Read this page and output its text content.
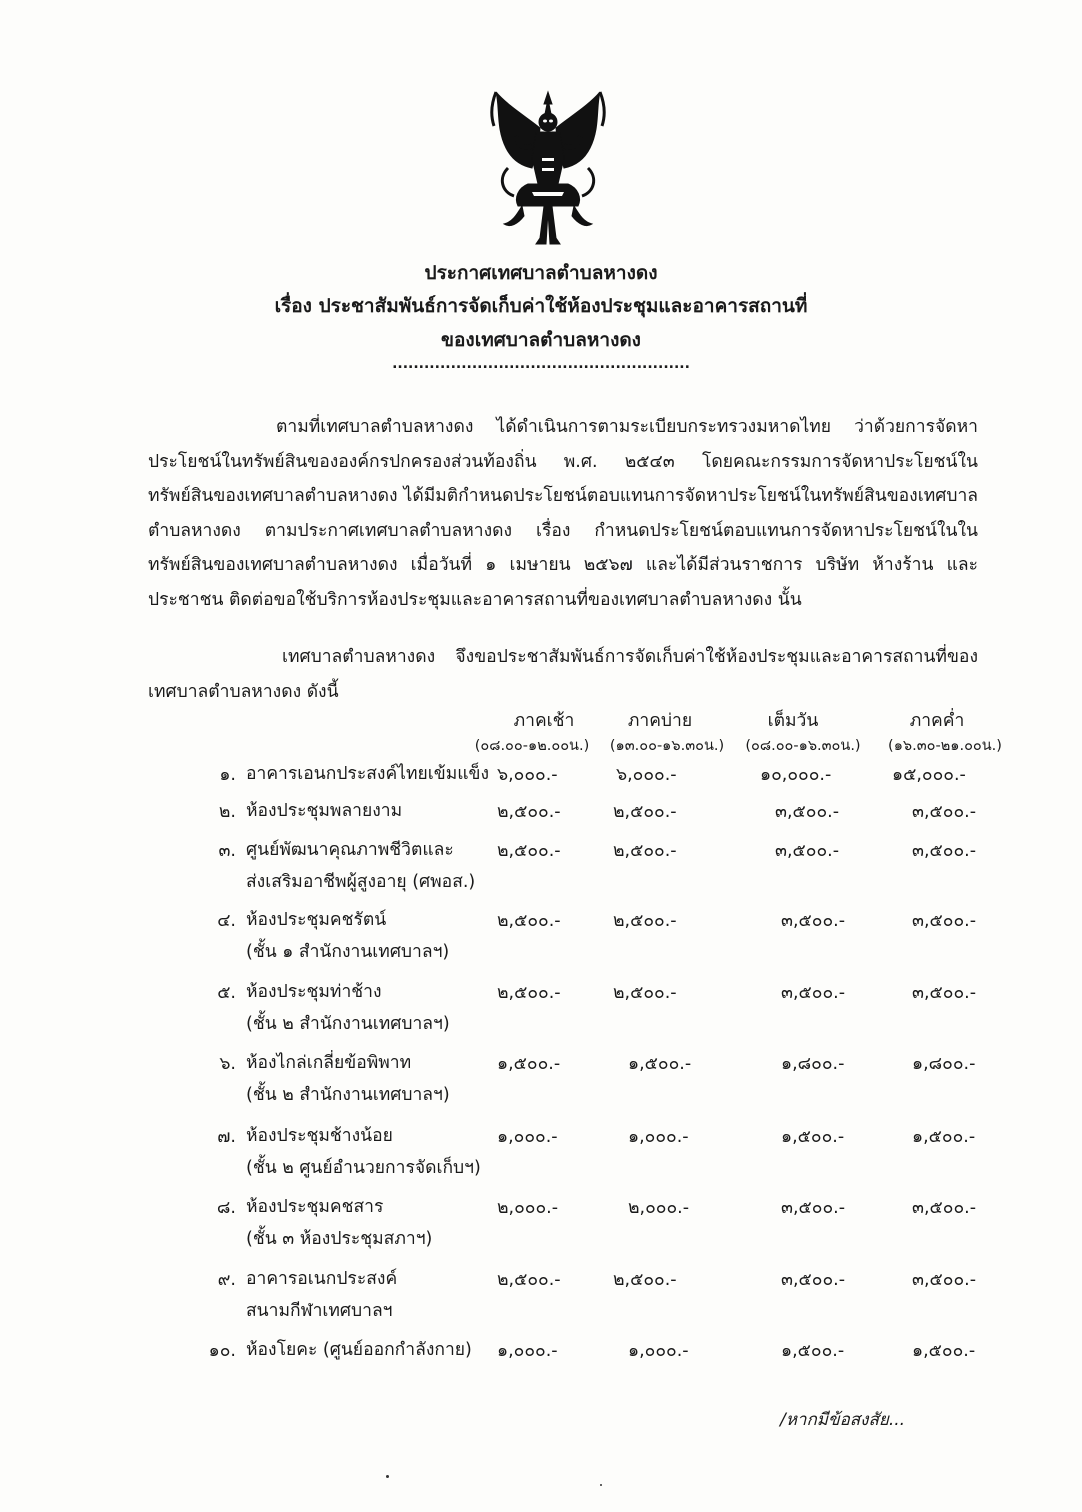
ประกาศเทศบาลตำบลหางดง
เรื่อง ประชาสัมพันธ์การจัดเก็บค่าใช้ห้องประชุมและอาคารสถานที่
ของเทศบาลตำบลหางดง
........................................................

ตามที่เทศบาลตำบลหางดง ได้ดำเนินการตามระเบียบกระทรวงมหาดไทย ว่าด้วยการจัดหาประโยชน์ในทรัพย์สินขององค์กรปกครองส่วนท้องถิ่น พ.ศ. ๒๕๔๓ โดยคณะกรรมการจัดหาประโยชน์ในทรัพย์สินของเทศบาลตำบลหางดง ได้มีมติกำหนดประโยชน์ตอบแทนการจัดหาประโยชน์ในทรัพย์สินของเทศบาลตำบลหางดง ตามประกาศเทศบาลตำบลหางดง เรื่อง กำหนดประโยชน์ตอบแทนการจัดหาประโยชน์ในในทรัพย์สินของเทศบาลตำบลหางดง เมื่อวันที่ ๑ เมษายน ๒๕๖๗ และได้มีส่วนราชการ บริษัท ห้างร้าน และประชาชน ติดต่อขอใช้บริการห้องประชุมและอาคารสถานที่ของเทศบาลตำบลหางดง นั้น

เทศบาลตำบลหางดง จึงขอประชาสัมพันธ์การจัดเก็บค่าใช้ห้องประชุมและอาคารสถานที่ของเทศบาลตำบลหางดง ดังนี้

ภาคเช้า	ภาคบ่าย	เต็มวัน	ภาคค่ำ
(๐๘.๐๐-๑๒.๐๐น.)	(๑๓.๐๐-๑๖.๓๐น.)	(๐๘.๐๐-๑๖.๓๐น.)	(๑๖.๓๐-๒๑.๐๐น.)
๑. อาคารเอนกประสงค์ไทยเข้มแข็ง ๖,๐๐๐.-	๖,๐๐๐.-	๑๐,๐๐๐.-	๑๕,๐๐๐.-
๒. ห้องประชุมพลายงาม	๒,๕๐๐.-	๒,๕๐๐.-	๓,๕๐๐.-	๓,๕๐๐.-
๓. ศูนย์พัฒนาคุณภาพชีวิตและ
ส่งเสริมอาชีพผู้สูงอายุ (ศพอส.)
๒,๕๐๐.-	๒,๕๐๐.-	๓,๕๐๐.-	๓,๕๐๐.-
๔. ห้องประชุมคชรัตน์
(ชั้น ๑ สำนักงานเทศบาลฯ)
๒,๕๐๐.-	๒,๕๐๐.-	๓,๕๐๐.-	๓,๕๐๐.-
๕. ห้องประชุมท่าช้าง
(ชั้น ๒ สำนักงานเทศบาลฯ)
๒,๕๐๐.-	๒,๕๐๐.-	๓,๕๐๐.-	๓,๕๐๐.-
๖. ห้องไกล่เกลี่ยข้อพิพาท
(ชั้น ๒ สำนักงานเทศบาลฯ)
๑,๕๐๐.-	๑,๕๐๐.-	๑,๘๐๐.-	๑,๘๐๐.-
๗. ห้องประชุมช้างน้อย
(ชั้น ๒ ศูนย์อำนวยการจัดเก็บฯ)
๑,๐๐๐.-	๑,๐๐๐.-	๑,๕๐๐.-	๑,๕๐๐.-
๘. ห้องประชุมคชสาร
(ชั้น ๓ ห้องประชุมสภาฯ)
๒,๐๐๐.-	๒,๐๐๐.-	๓,๕๐๐.-	๓,๕๐๐.-
๙. อาคารอเนกประสงค์
สนามกีฬาเทศบาลฯ
๒,๕๐๐.-	๒,๕๐๐.-	๓,๕๐๐.-	๓,๕๐๐.-
๑๐. ห้องโยคะ (ศูนย์ออกกำลังกาย) ๑,๐๐๐.-	๑,๐๐๐.-	๑,๕๐๐.-	๑,๕๐๐.-
/หากมีข้อสงสัย...
